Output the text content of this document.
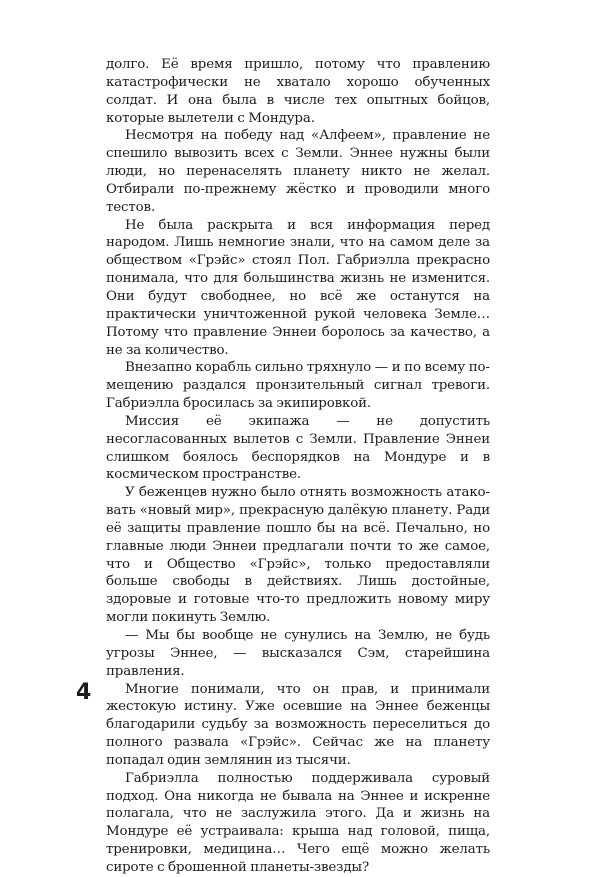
долго. Её время пришло, потому что правлению катастрофически не хватало хорошо обученных солдат. И она была в числе тех опытных бойцов, которые вылетели с Мондура.

Несмотря на победу над «Алфеем», правление не спешило вывозить всех с Земли. Эннее нужны были люди, но перенаселять планету никто не желал. Отбирали по-прежнему жёстко и проводили много тестов.

Не была раскрыта и вся информация перед народом. Лишь немногие знали, что на самом деле за обществом «Грэйс» стоял Пол. Габриэлла прекрасно понимала, что для большинства жизнь не изменится. Они будут свободнее, но всё же останутся на практически уничтоженной рукой человека Земле… Потому что правление Эннеи боролось за качество, а не за количество.

Внезапно корабль сильно тряхнуло — и по всему помещению раздался пронзительный сигнал тревоги. Габриэлла бросилась за экипировкой.

Миссия её экипажа — не допустить несогласованных вылетов с Земли. Правление Эннеи слишком боялось беспорядков на Мондуре и в космическом пространстве.

У беженцев нужно было отнять возможность атаковать «новый мир», прекрасную далёкую планету. Ради её защиты правление пошло бы на всё. Печально, но главные люди Эннеи предлагали почти то же самое, что и Общество «Грэйс», только предоставляли больше свободы в действиях. Лишь достойные, здоровые и готовые что-то предложить новому миру могли покинуть Землю.

— Мы бы вообще не сунулись на Землю, не будь угрозы Эннее, — высказался Сэм, старейшина правления.

Многие понимали, что он прав, и принимали жестокую истину. Уже осевшие на Эннее беженцы благодарили судьбу за возможность переселиться до полного развала «Грэйс». Сейчас же на планету попадал один землянин из тысячи.

Габриэлла полностью поддерживала суровый подход. Она никогда не бывала на Эннее и искренне полагала, что не заслужила этого. Да и жизнь на Мондуре её устраивала: крыша над головой, пища, тренировки, медицина… Чего ещё можно желать сироте с брошенной планеты-звезды?

4
